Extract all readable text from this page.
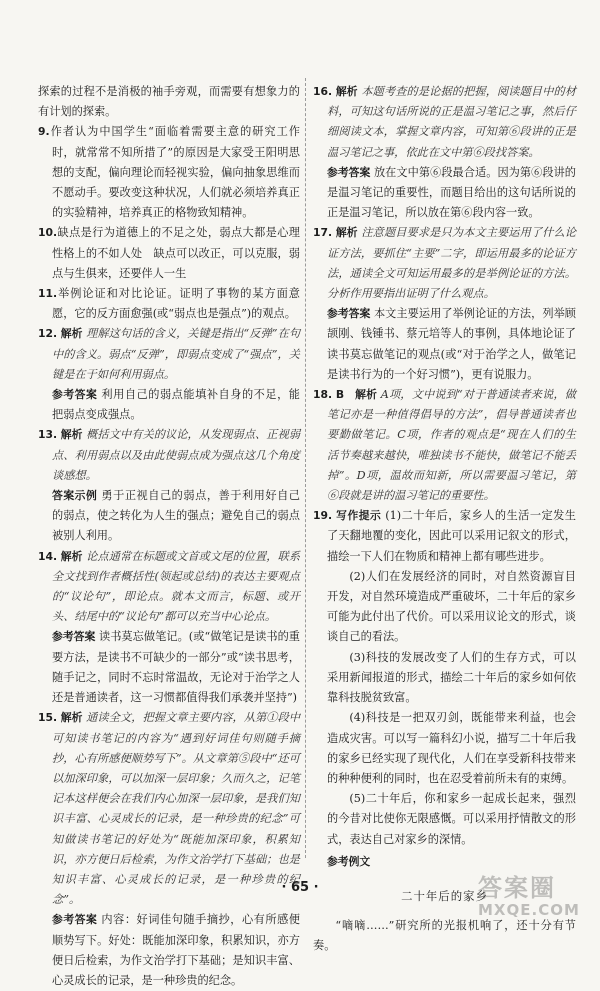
探索的过程不是消极的袖手旁观，而需要有想象力的有计划的探索。

9.作者认为中国学生“面临着需要主意的研究工作时，就常常不知所措了”的原因是大家受王阳明思想的支配，偏向理论而轻视实验，偏向抽象思维而不愿动手。要改变这种状况，人们就必须培养真正的实验精神，培养真正的格物致知精神。

10.缺点是行为道德上的不足之处，弱点大都是心理性格上的不如人处　缺点可以改正，可以克服，弱点与生俱来，还要伴人一生

11.举例论证和对比论证。证明了事物的某方面意愿，它的反方面愈强(或“弱点也是强点”)的观点。

12. 解析 理解这句话的含义，关键是指出“反弹”在句中的含义。弱点“反弹”，即弱点变成了“强点”，关键是在于如何利用弱点。

参考答案 利用自己的弱点能填补自身的不足，能把弱点变成强点。

13. 解析 概括文中有关的议论，从发现弱点、正视弱点、利用弱点以及由此使弱点成为强点这几个角度谈感想。

答案示例 勇于正视自己的弱点，善于利用好自己的弱点，使之转化为人生的强点；避免自己的弱点被别人利用。

14. 解析 论点通常在标题或文首或文尾的位置，联系全文找到作者概括性(领起或总结)的表达主要观点的“议论句”，即论点。就本文而言，标题、或开头、结尾中的“议论句”都可以充当中心论点。

参考答案 读书莫忘做笔记。(或“做笔记是读书的重要方法，是读书不可缺少的一部分”或“读书思考，随手记之，同时不忘时常温故，无论对于治学之人还是普通读者，这一习惯都值得我们承袭并坚持”)

15. 解析 通读全文，把握文章主要内容，从第①段中可知读书笔记的内容为“遇到好词佳句则随手摘抄，心有所感便顺势写下”。从文章第⑤段中“还可以加深印象，可以加深一层印象；久而久之，记笔记本这样便会在我们内心加深一层印象，是我们知识丰富、心灵成长的记录，是一种珍贵的纪念”可知做读书笔记的好处为“既能加深印象，积累知识，亦方便日后检索，为作文治学打下基础；也是知识丰富、心灵成长的记录，是一种珍贵的纪念”。

参考答案 内容：好词佳句随手摘抄，心有所感便顺势写下。好处：既能加深印象，积累知识，亦方便日后检索，为作文治学打下基础；是知识丰富、心灵成长的记录，是一种珍贵的纪念。

16. 解析 本题考查的是论据的把握，阅读题目中的材料，可知这句话所说的正是温习笔记之事，然后仔细阅读文本，掌握文章内容，可知第⑥段讲的正是温习笔记之事，依此在文中第⑥段找答案。

参考答案 放在文中第⑥段最合适。因为第⑥段讲的是温习笔记的重要性，而题目给出的这句话所说的正是温习笔记，所以放在第⑥段内容一致。

17. 解析 注意题目要求是只为本文主要运用了什么论证方法，要抓住“主要”二字，即运用最多的论证方法，通读全文可知运用最多的是举例论证的方法。分析作用要指出证明了什么观点。

参考答案 本文主要运用了举例论证的方法，列举顾颉刚、钱锺书、蔡元培等人的事例，具体地论证了读书莫忘做笔记的观点(或“对于治学之人，做笔记是读书行为的一个好习惯”)，更有说服力。

18. B　解析 A项，文中说到“对于普通读者来说，做笔记亦是一种值得倡导的方法”，倡导普通读者也要勤做笔记。C项，作者的观点是“现在人们的生活节奏越来越快，唯独读书不能快，做笔记不能丢掉”。D项，温故而知新，所以需要温习笔记，第⑥段就是讲的温习笔记的重要性。

19. 写作提示 (1)二十年后，家乡人的生活一定发生了天翻地覆的变化，因此可以采用记叙文的形式，描绘一下人们在物质和精神上都有哪些进步。

(2)人们在发展经济的同时，对自然资源盲目开发，对自然环境造成严重破坏，二十年后的家乡可能为此付出了代价。可以采用议论文的形式，谈谈自己的看法。

(3)科技的发展改变了人们的生存方式，可以采用新闻报道的形式，描绘二十年后的家乡如何依靠科技脱贫致富。

(4)科技是一把双刃剑，既能带来利益，也会造成灾害。可以写一篇科幻小说，描写二十年后我的家乡已经实现了现代化，人们在享受新科技带来的种种便利的同时，也在忍受着前所未有的束缚。

(5)二十年后，你和家乡一起成长起来，强烈的今昔对比使你无限感慨。可以采用抒情散文的形式，表达自己对家乡的深情。

参考例文

二十年后的家乡

“嘀嘀……”研究所的光报机响了，还十分有节奏。

· 65 ·	答案圈
MXQE.COM
